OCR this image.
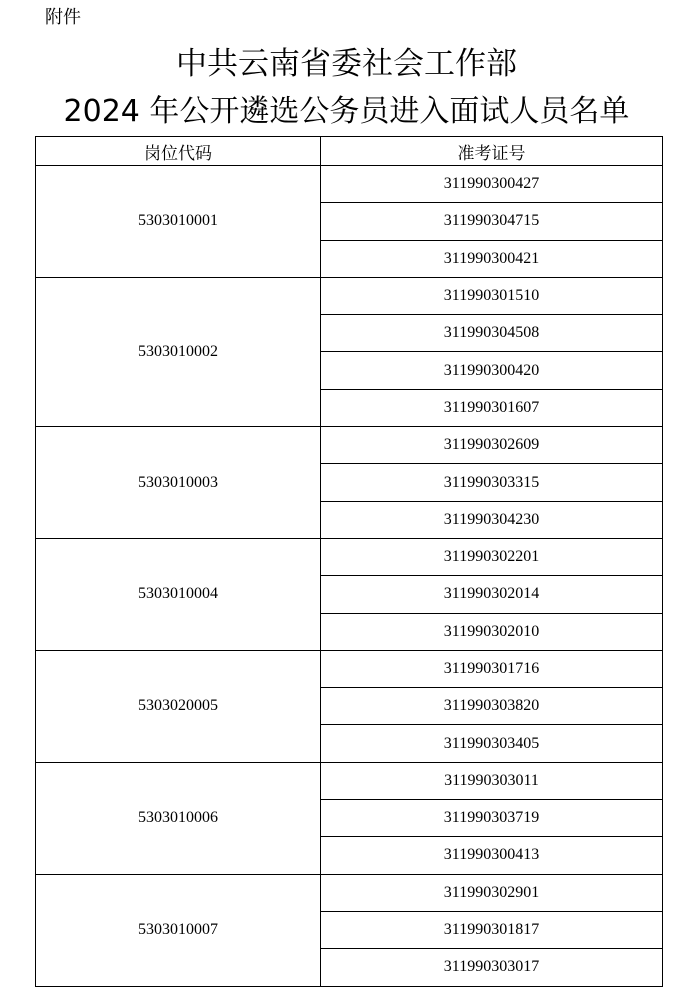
附件
中共云南省委社会工作部
2024 年公开遴选公务员进入面试人员名单
岗位代码	准考证号
5303010001	311990300427
	311990304715
	311990300421
5303010002	311990301510
	311990304508
	311990300420
	311990301607
5303010003	311990302609
	311990303315
	311990304230
5303010004	311990302201
	311990302014
	311990302010
5303020005	311990301716
	311990303820
	311990303405
5303010006	311990303011
	311990303719
	311990300413
5303010007	311990302901
	311990301817
	311990303017
